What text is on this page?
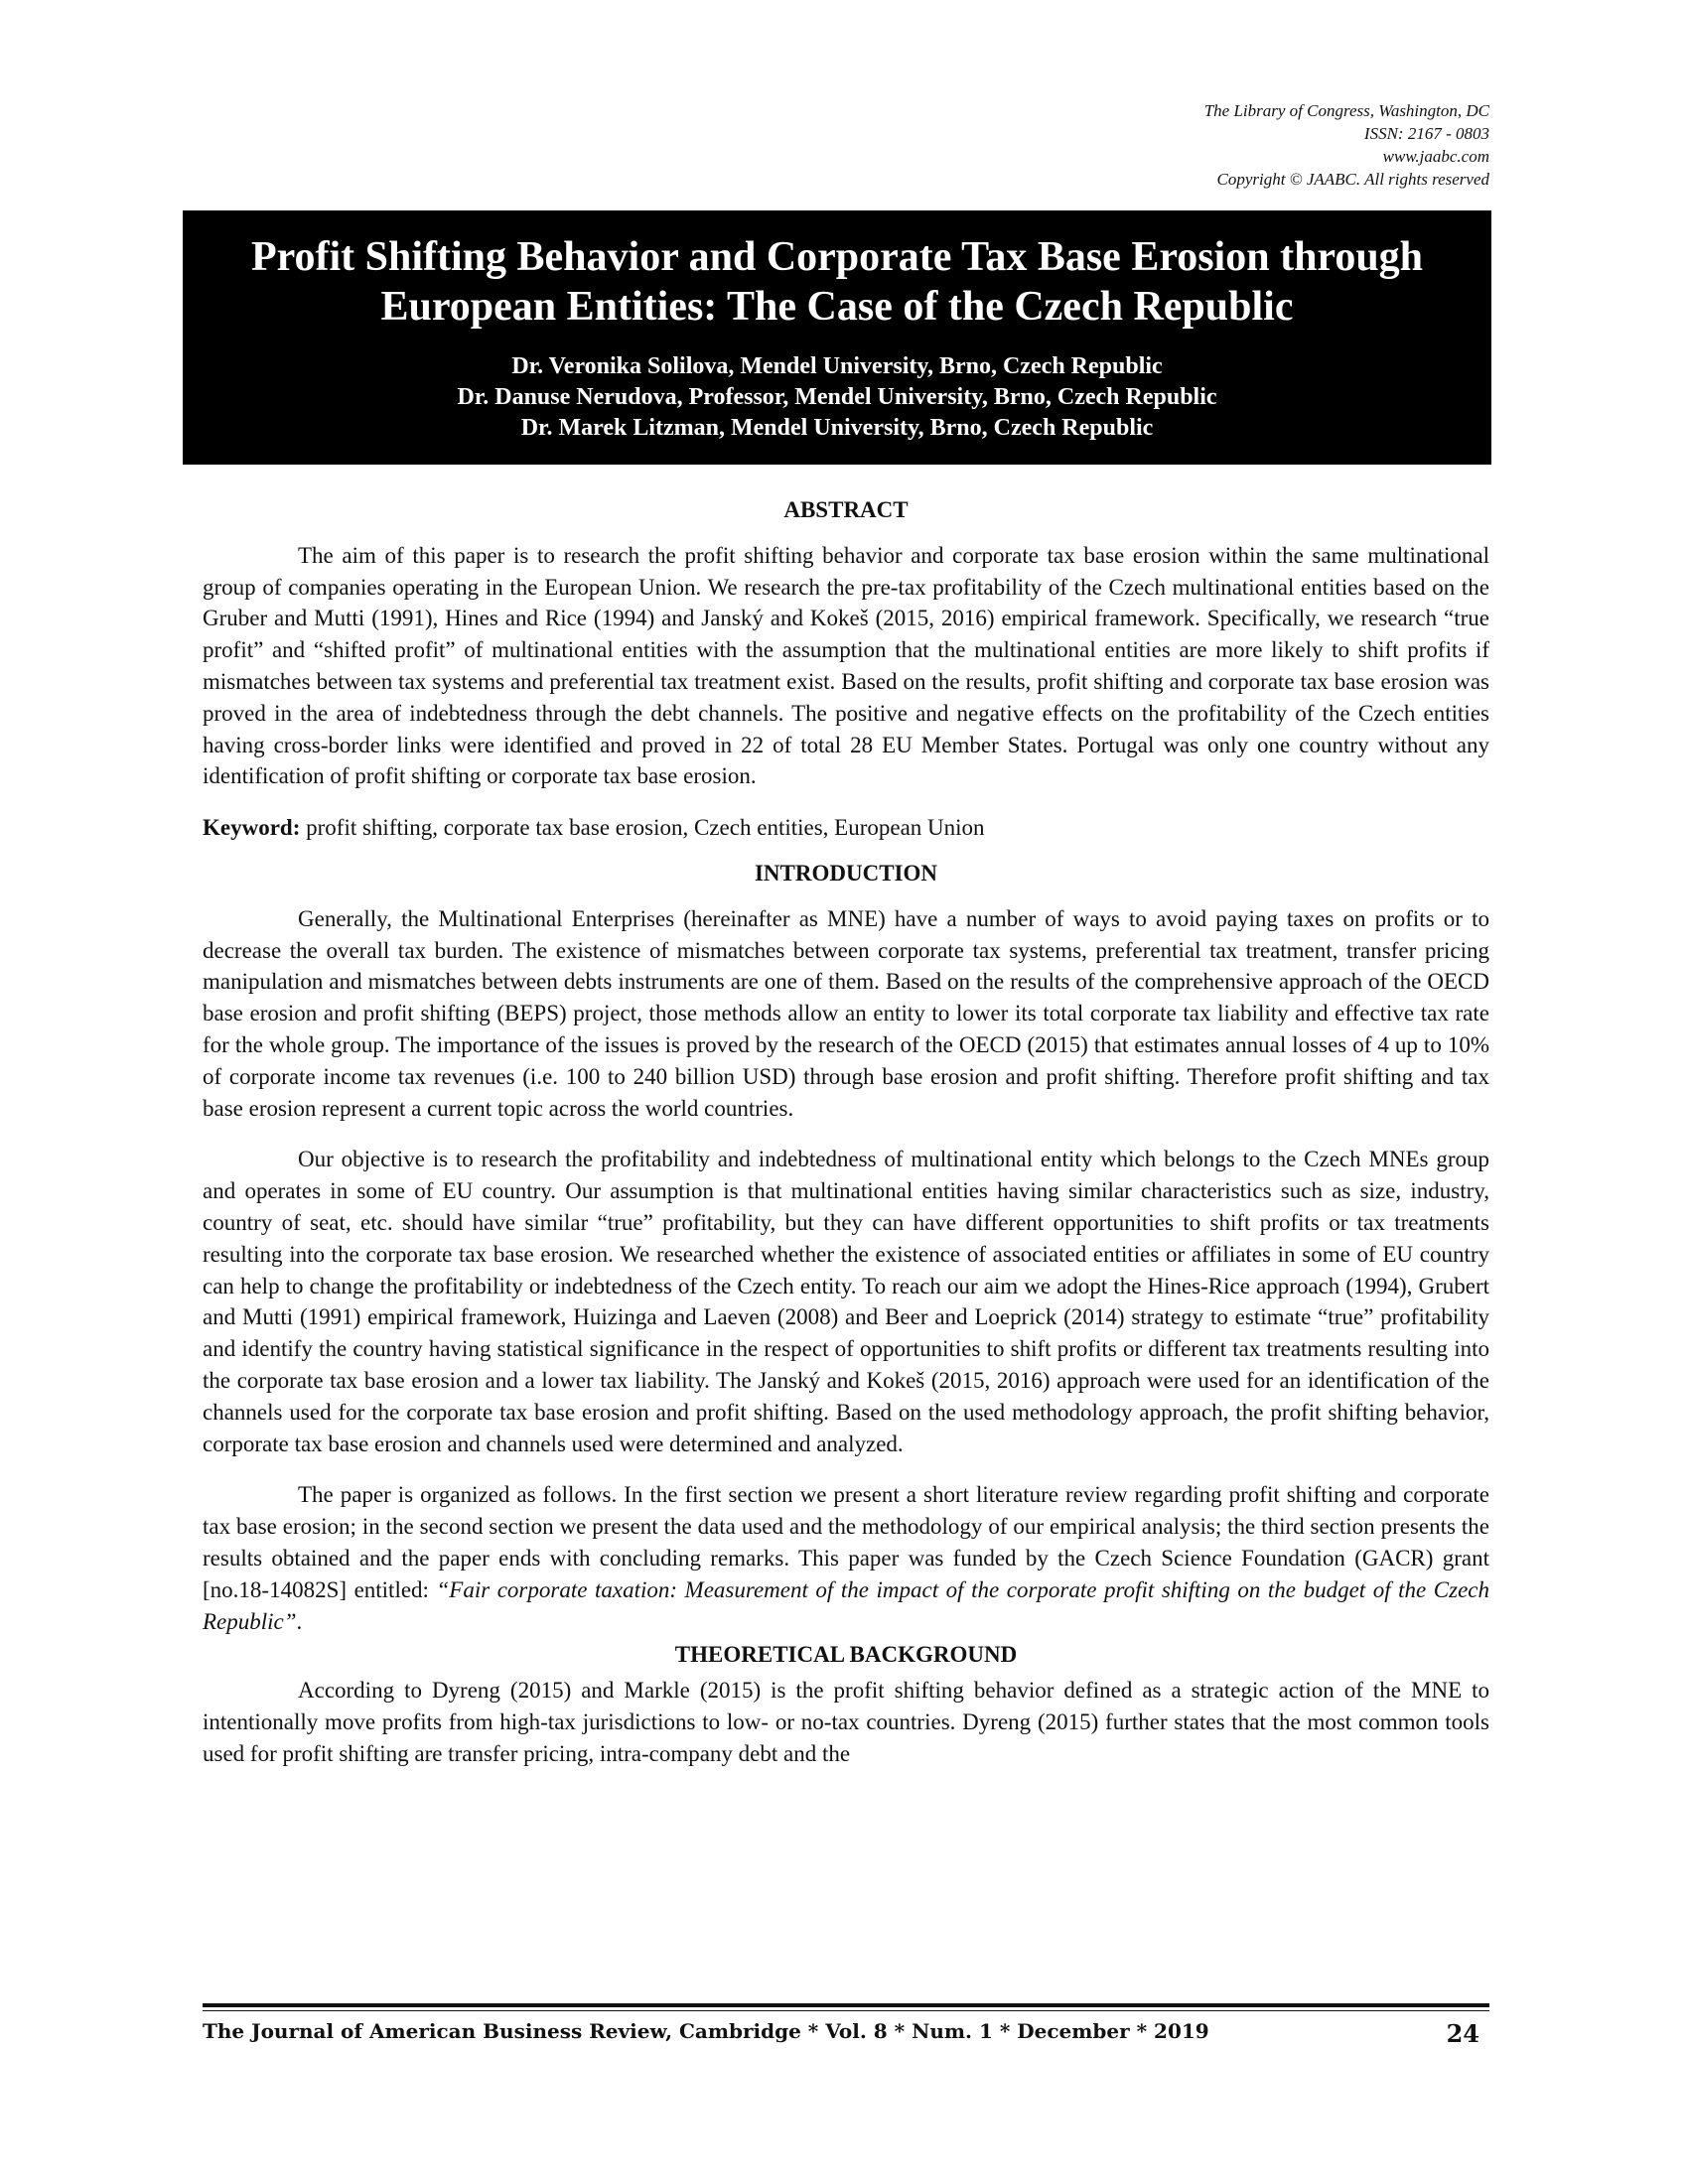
The Library of Congress, Washington, DC
ISSN: 2167 - 0803
www.jaabc.com
Copyright © JAABC. All rights reserved
Profit Shifting Behavior and Corporate Tax Base Erosion through
European Entities: The Case of the Czech Republic
Dr. Veronika Solilova, Mendel University, Brno, Czech Republic
Dr. Danuse Nerudova, Professor, Mendel University, Brno, Czech Republic
Dr. Marek Litzman, Mendel University, Brno, Czech Republic
ABSTRACT

The aim of this paper is to research the profit shifting behavior and corporate tax base erosion within the same multinational group of companies operating in the European Union. We research the pre-tax profitability of the Czech multinational entities based on the Gruber and Mutti (1991), Hines and Rice (1994) and Janský and Kokeš (2015, 2016) empirical framework. Specifically, we research “true profit” and “shifted profit” of multinational entities with the assumption that the multinational entities are more likely to shift profits if mismatches between tax systems and preferential tax treatment exist. Based on the results, profit shifting and corporate tax base erosion was proved in the area of indebtedness through the debt channels. The positive and negative effects on the profitability of the Czech entities having cross-border links were identified and proved in 22 of total 28 EU Member States. Portugal was only one country without any identification of profit shifting or corporate tax base erosion.

Keyword: profit shifting, corporate tax base erosion, Czech entities, European Union

INTRODUCTION

Generally, the Multinational Enterprises (hereinafter as MNE) have a number of ways to avoid paying taxes on profits or to decrease the overall tax burden. The existence of mismatches between corporate tax systems, preferential tax treatment, transfer pricing manipulation and mismatches between debts instruments are one of them. Based on the results of the comprehensive approach of the OECD base erosion and profit shifting (BEPS) project, those methods allow an entity to lower its total corporate tax liability and effective tax rate for the whole group. The importance of the issues is proved by the research of the OECD (2015) that estimates annual losses of 4 up to 10% of corporate income tax revenues (i.e. 100 to 240 billion USD) through base erosion and profit shifting. Therefore profit shifting and tax base erosion represent a current topic across the world countries.

Our objective is to research the profitability and indebtedness of multinational entity which belongs to the Czech MNEs group and operates in some of EU country. Our assumption is that multinational entities having similar characteristics such as size, industry, country of seat, etc. should have similar “true” profitability, but they can have different opportunities to shift profits or tax treatments resulting into the corporate tax base erosion. We researched whether the existence of associated entities or affiliates in some of EU country can help to change the profitability or indebtedness of the Czech entity. To reach our aim we adopt the Hines-Rice approach (1994), Grubert and Mutti (1991) empirical framework, Huizinga and Laeven (2008) and Beer and Loeprick (2014) strategy to estimate “true” profitability and identify the country having statistical significance in the respect of opportunities to shift profits or different tax treatments resulting into the corporate tax base erosion and a lower tax liability. The Janský and Kokeš (2015, 2016) approach were used for an identification of the channels used for the corporate tax base erosion and profit shifting. Based on the used methodology approach, the profit shifting behavior, corporate tax base erosion and channels used were determined and analyzed.

The paper is organized as follows. In the first section we present a short literature review regarding profit shifting and corporate tax base erosion; in the second section we present the data used and the methodology of our empirical analysis; the third section presents the results obtained and the paper ends with concluding remarks. This paper was funded by the Czech Science Foundation (GACR) grant [no.18-14082S] entitled: “Fair corporate taxation: Measurement of the impact of the corporate profit shifting on the budget of the Czech Republic”.

THEORETICAL BACKGROUND

According to Dyreng (2015) and Markle (2015) is the profit shifting behavior defined as a strategic action of the MNE to intentionally move profits from high-tax jurisdictions to low- or no-tax countries. Dyreng (2015) further states that the most common tools used for profit shifting are transfer pricing, intra-company debt and the

The Journal of American Business Review, Cambridge * Vol. 8 * Num. 1 * December * 2019	24
